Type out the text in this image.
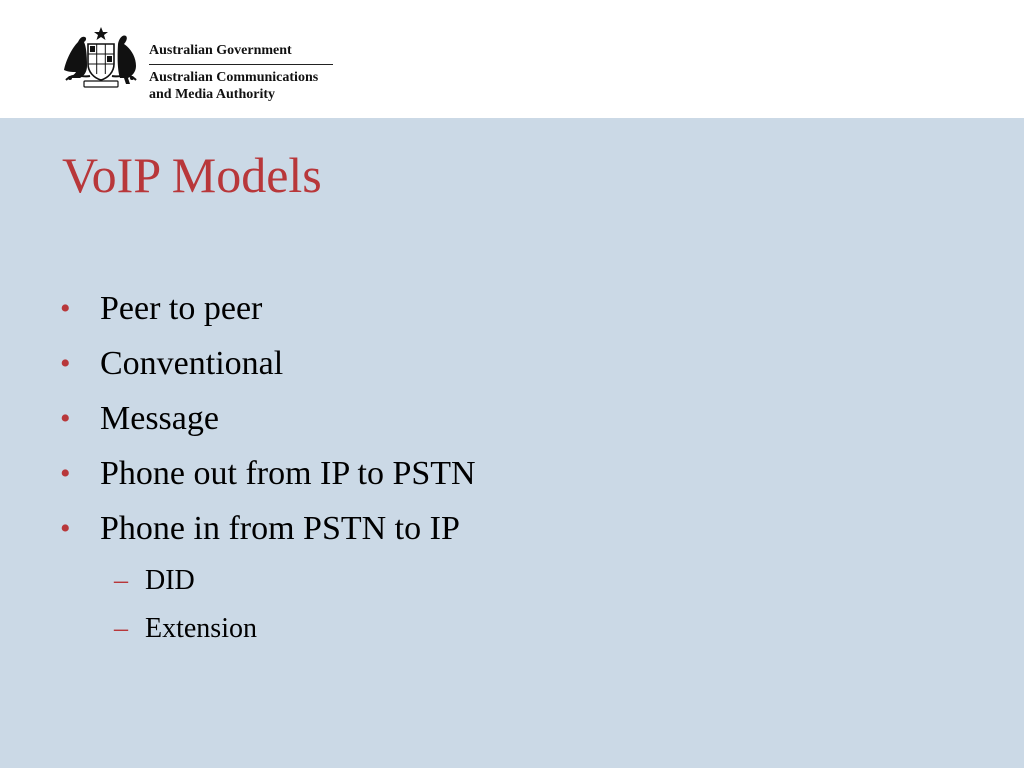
Australian Government
Australian Communications
and Media Authority
VoIP Models
• Peer to peer
• Conventional
• Message
• Phone out from IP to PSTN
• Phone in from PSTN to IP
– DID
– Extension
